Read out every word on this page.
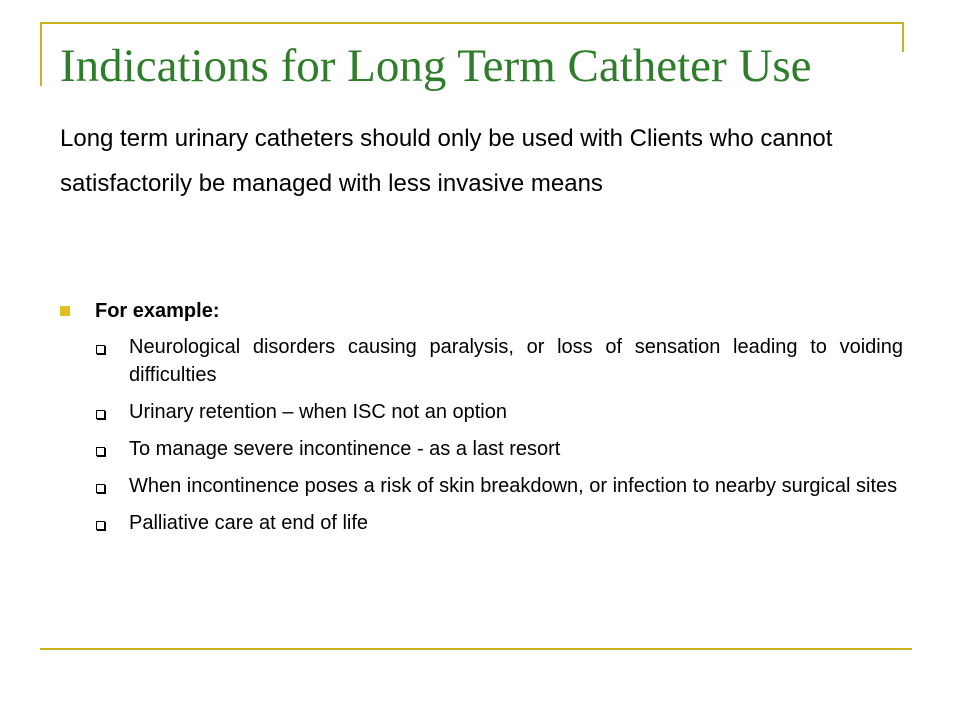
Indications for Long Term Catheter Use

Long term urinary catheters should only be used with Clients who cannot satisfactorily be managed with less invasive means

For example:
Neurological disorders causing paralysis, or loss of sensation leading to voiding difficulties
Urinary retention – when ISC not an option
To manage severe incontinence - as a last resort
When incontinence poses a risk of skin breakdown, or infection to nearby surgical sites
Palliative care at end of life
